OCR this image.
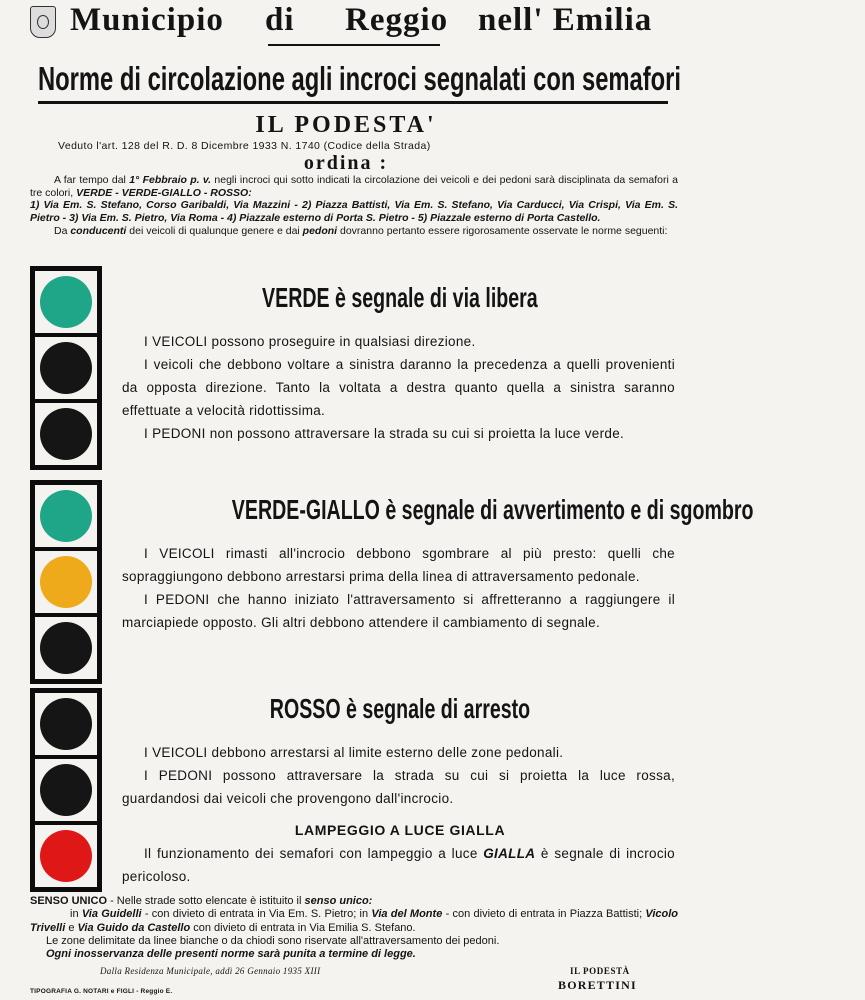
Municipio di Reggio nell' Emilia
Norme di circolazione agli incroci segnalati con semafori
IL PODESTA'
Veduto l'art. 128 del R. D. 8 Dicembre 1933 N. 1740 (Codice della Strada)
ordina :

A far tempo dal 1° Febbraio p. v. negli incroci qui sotto indicati la circolazione dei veicoli e dei pedoni sarà disciplinata da semafori a tre colori, VERDE - VERDE-GIALLO - ROSSO:

1) Via Em. S. Stefano, Corso Garibaldi, Via Mazzini - 2) Piazza Battisti, Via Em. S. Stefano, Via Carducci, Via Crispi, Via Em. S. Pietro - 3) Via Em. S. Pietro, Via Roma - 4) Piazzale esterno di Porta S. Pietro - 5) Piazzale esterno di Porta Castello.

Da conducenti dei veicoli di qualunque genere e dai pedoni dovranno pertanto essere rigorosamente osservate le norme seguenti:

VERDE è segnale di via libera

I VEICOLI possono proseguire in qualsiasi direzione.

I veicoli che debbono voltare a sinistra daranno la precedenza a quelli provenienti da opposta direzione. Tanto la voltata a destra quanto quella a sinistra saranno effettuate a velocità ridottissima.

I PEDONI non possono attraversare la strada su cui si proietta la luce verde.

VERDE-GIALLO è segnale di avvertimento e di sgombro

I VEICOLI rimasti all'incrocio debbono sgombrare al più presto: quelli che sopraggiungono debbono arrestarsi prima della linea di attraversamento pedonale.

I PEDONI che hanno iniziato l'attraversamento si affretteranno a raggiungere il marciapiede opposto. Gli altri debbono attendere il cambiamento di segnale.

ROSSO è segnale di arresto

I VEICOLI debbono arrestarsi al limite esterno delle zone pedonali.

I PEDONI possono attraversare la strada su cui si proietta la luce rossa, guardandosi dai veicoli che provengono dall'incrocio.

LAMPEGGIO A LUCE GIALLA

Il funzionamento dei semafori con lampeggio a luce GIALLA è segnale di incrocio pericoloso.

SENSO UNICO - Nelle strade sotto elencate è istituito il senso unico:

in Via Guidelli - con divieto di entrata in Via Em. S. Pietro; in Via del Monte - con divieto di entrata in Piazza Battisti; Vicolo Trivelli e Via Guido da Castello con divieto di entrata in Via Emilia S. Stefano.

Le zone delimitate da linee bianche o da chiodi sono riservate all'attraversamento dei pedoni.

Ogni inosservanza delle presenti norme sarà punita a termine di legge.

Dalla Residenza Municipale, addì 26 Gennaio 1935 XIII	IL PODESTÀ
BORETTINI
TIPOGRAFIA G. NOTARI e FIGLI - Reggio E.
